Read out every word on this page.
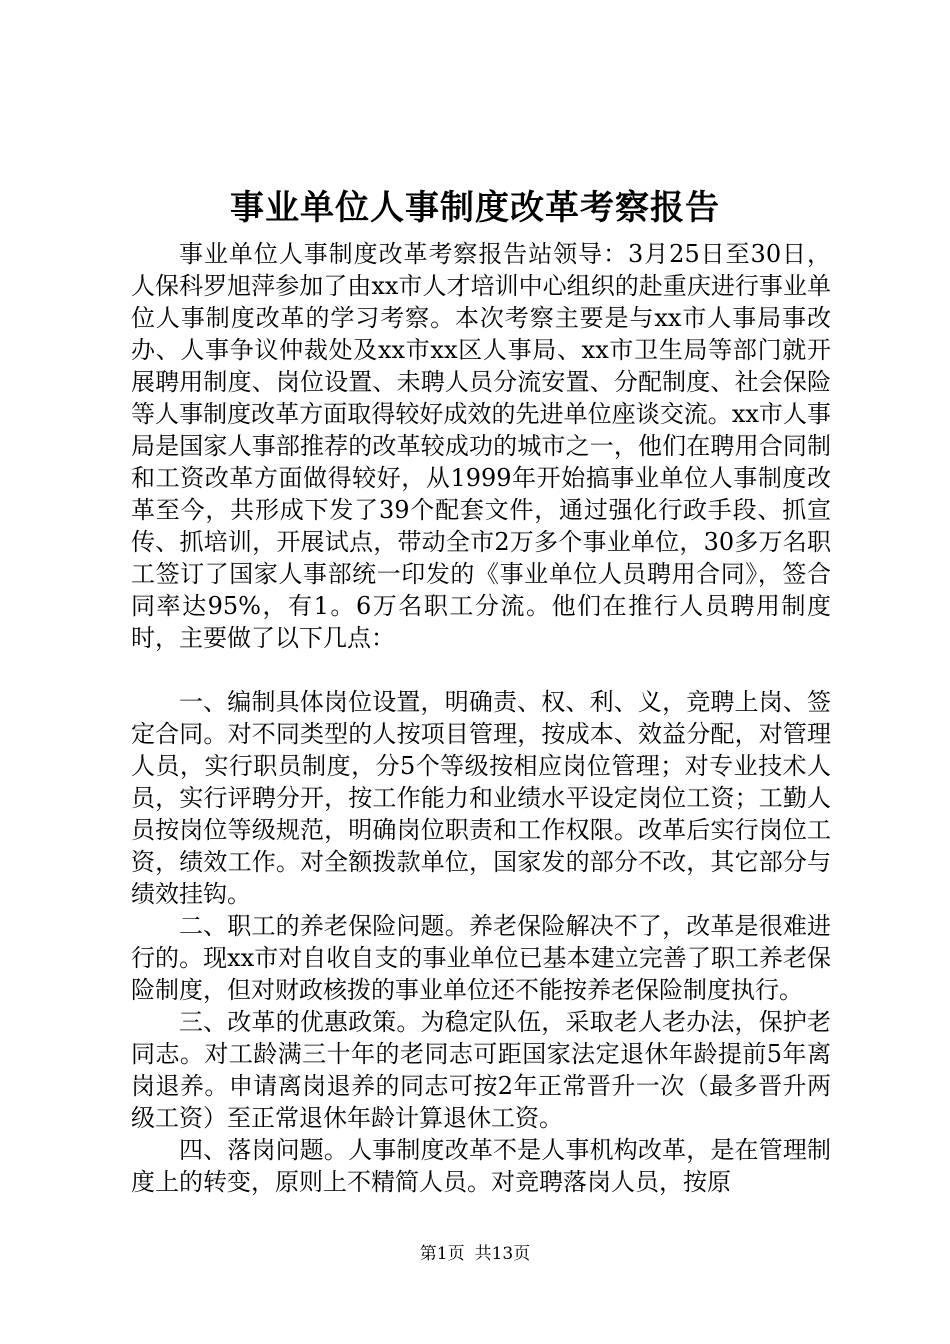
事业单位人事制度改革考察报告

事业单位人事制度改革考察报告站领导：3月25日至30日，人保科罗旭萍参加了由xx市人才培训中心组织的赴重庆进行事业单位人事制度改革的学习考察。本次考察主要是与xx市人事局事改办、人事争议仲裁处及xx市xx区人事局、xx市卫生局等部门就开展聘用制度、岗位设置、未聘人员分流安置、分配制度、社会保险等人事制度改革方面取得较好成效的先进单位座谈交流。xx市人事局是国家人事部推荐的改革较成功的城市之一，他们在聘用合同制和工资改革方面做得较好，从1999年开始搞事业单位人事制度改革至今，共形成下发了39个配套文件，通过强化行政手段、抓宣传、抓培训，开展试点，带动全市2万多个事业单位，30多万名职工签订了国家人事部统一印发的《事业单位人员聘用合同》，签合同率达95%，有1。6万名职工分流。他们在推行人员聘用制度时，主要做了以下几点：

一、编制具体岗位设置，明确责、权、利、义，竞聘上岗、签定合同。对不同类型的人按项目管理，按成本、效益分配，对管理人员，实行职员制度，分5个等级按相应岗位管理；对专业技术人员，实行评聘分开，按工作能力和业绩水平设定岗位工资；工勤人员按岗位等级规范，明确岗位职责和工作权限。改革后实行岗位工资，绩效工作。对全额拨款单位，国家发的部分不改，其它部分与绩效挂钩。

二、职工的养老保险问题。养老保险解决不了，改革是很难进行的。现xx市对自收自支的事业单位已基本建立完善了职工养老保险制度，但对财政核拨的事业单位还不能按养老保险制度执行。

三、改革的优惠政策。为稳定队伍，采取老人老办法，保护老同志。对工龄满三十年的老同志可距国家法定退休年龄提前5年离岗退养。申请离岗退养的同志可按2年正常晋升一次（最多晋升两级工资）至正常退休年龄计算退休工资。

四、落岗问题。人事制度改革不是人事机构改革，是在管理制度上的转变，原则上不精简人员。对竞聘落岗人员，按原

第1页 共13页
